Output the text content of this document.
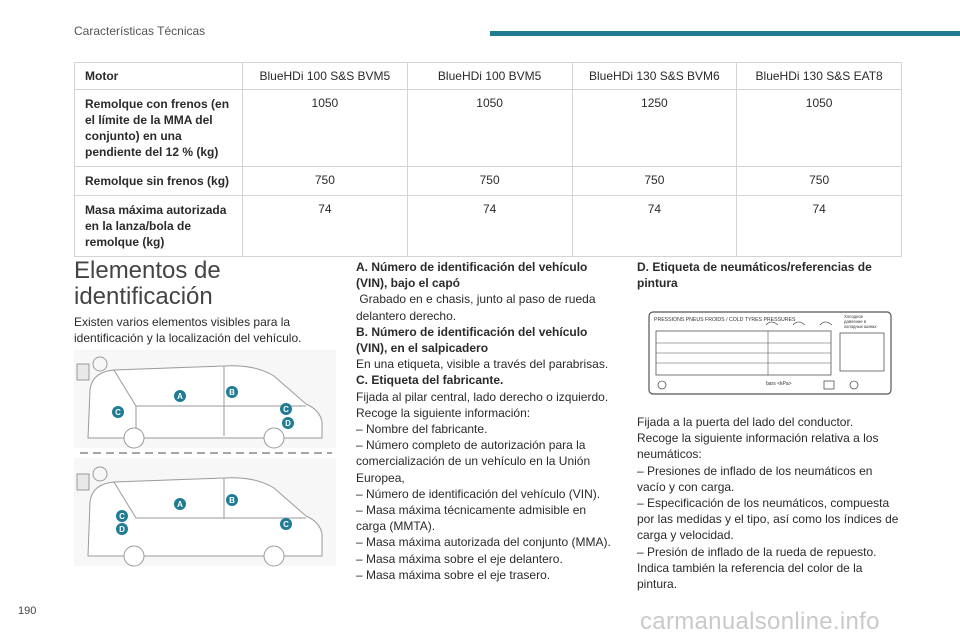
Características Técnicas
Motor	BlueHDi 100 S&S BVM5	BlueHDi 100 BVM5	BlueHDi 130 S&S BVM6	BlueHDi 130 S&S EAT8
Remolque con frenos (en el límite de la MMA del conjunto) en una pendiente del 12 % (kg)	1050	1050	1250	1050
Remolque sin frenos (kg)	750	750	750	750
Masa máxima autorizada en la lanza/bola de remolque (kg)	74	74	74	74
Elementos de identificación
Existen varios elementos visibles para la identificación y la localización del vehículo.
A	B
C	C
D
A	B
C
D
C

A. Número de identificación del vehículo (VIN), bajo el capó

Grabado en e chasis, junto al paso de rueda delantero derecho.

B. Número de identificación del vehículo (VIN), en el salpicadero

En una etiqueta, visible a través del parabrisas.

C. Etiqueta del fabricante.

Fijada al pilar central, lado derecho o izquierdo.

Recoge la siguiente información:

– Nombre del fabricante.

– Número completo de autorización para la comercialización de un vehículo en la Unión Europea,

– Número de identificación del vehículo (VIN).

– Masa máxima técnicamente admisible en carga (MMTA).

– Masa máxima autorizada del conjunto (MMA).

– Masa máxima sobre el eje delantero.

– Masa máxima sobre el eje trasero.

D. Etiqueta de neumáticos/referencias de pintura

PRESSIONS PNEUS FROIDS / COLD TYRES PRESSURES
Холодное
давление в
холодных шинах
bars <kPa>

Fijada a la puerta del lado del conductor.

Recoge la siguiente información relativa a los neumáticos:

– Presiones de inflado de los neumáticos en vacío y con carga.

– Especificación de los neumáticos, compuesta por las medidas y el tipo, así como los índices de carga y velocidad.

– Presión de inflado de la rueda de repuesto.

Indica también la referencia del color de la pintura.

190	carmanualsonline.info
